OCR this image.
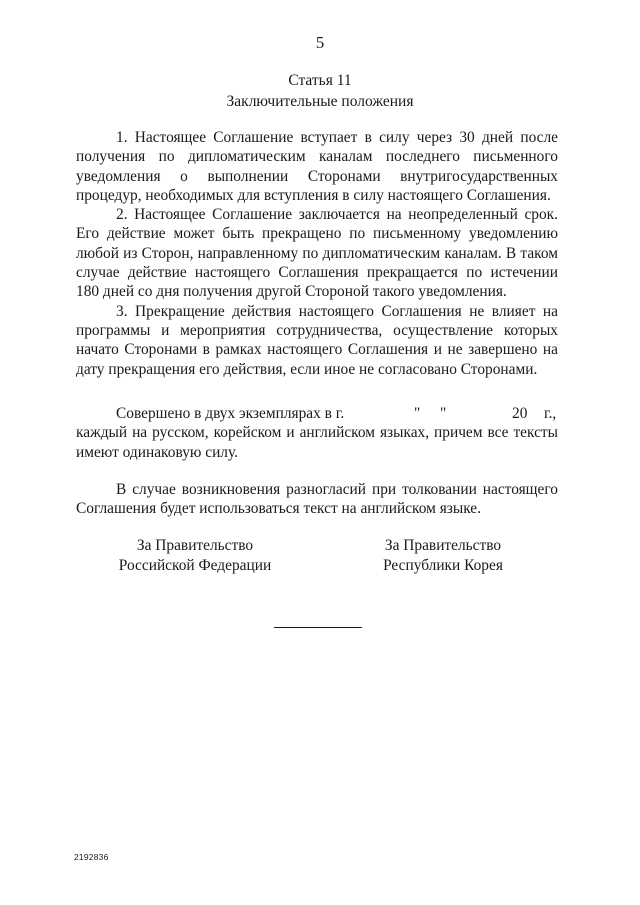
5
Статья 11
Заключительные положения

1. Настоящее Соглашение вступает в силу через 30 дней после получения по дипломатическим каналам последнего письменного уведомления о выполнении Сторонами внутригосударственных процедур, необходимых для вступления в силу настоящего Соглашения.

2. Настоящее Соглашение заключается на неопределенный срок. Его действие может быть прекращено по письменному уведомлению любой из Сторон, направленному по дипломатическим каналам. В таком случае действие настоящего Соглашения прекращается по истечении 180 дней со дня получения другой Стороной такого уведомления.

3. Прекращение действия настоящего Соглашения не влияет на программы и мероприятия сотрудничества, осуществление которых начато Сторонами в рамках настоящего Соглашения и не завершено на дату прекращения его действия, если иное не согласовано Сторонами.

Совершено в двух экземплярах в г.	" "	20 г.,

каждый на русском, корейском и английском языках, причем все тексты имеют одинаковую силу.

В случае возникновения разногласий при толковании настоящего Соглашения будет использоваться текст на английском языке.

За Правительство
Российской Федерации
За Правительство
Республики Корея
2192836
